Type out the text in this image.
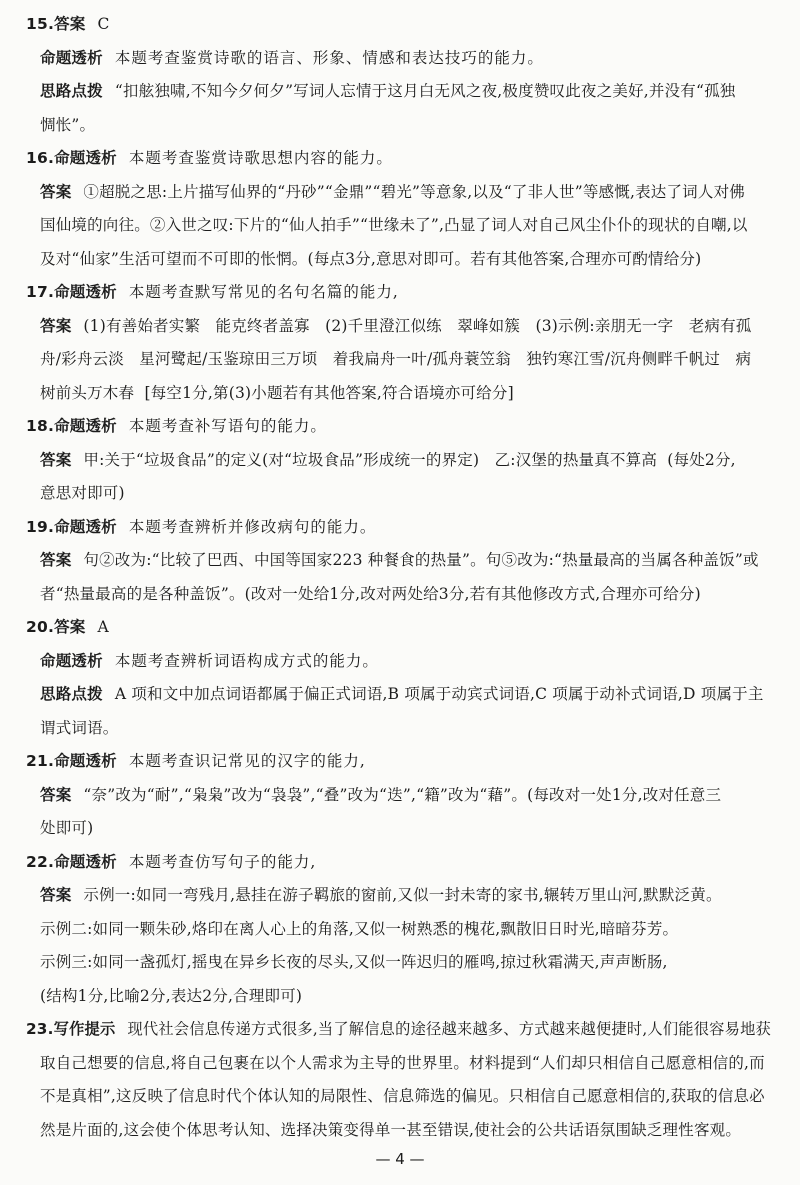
15.答案 C
命题透析 本题考查鉴赏诗歌的语言、形象、情感和表达技巧的能力。
思路点拨 “扣舷独啸,不知今夕何夕”写词人忘情于这月白无风之夜,极度赞叹此夜之美好,并没有“孤独
惆怅”。
16.命题透析 本题考查鉴赏诗歌思想内容的能力。
答案 ①超脱之思:上片描写仙界的“丹砂”“金鼎”“碧光”等意象,以及“了非人世”等感慨,表达了词人对佛
国仙境的向往。②入世之叹:下片的“仙人拍手”“世缘未了”,凸显了词人对自己风尘仆仆的现状的自嘲,以
及对“仙家”生活可望而不可即的怅惘。(每点3分,意思对即可。若有其他答案,合理亦可酌情给分)
17.命题透析 本题考查默写常见的名句名篇的能力,
答案 (1)有善始者实繁   能克终者盖寡   (2)千里澄江似练   翠峰如簇   (3)示例:亲朋无一字   老病有孤
舟/彩舟云淡   星河鹭起/玉鉴琼田三万顷   着我扁舟一叶/孤舟蓑笠翁   独钓寒江雪/沉舟侧畔千帆过   病
树前头万木春  [每空1分,第(3)小题若有其他答案,符合语境亦可给分]
18.命题透析 本题考查补写语句的能力。
答案 甲:关于“垃圾食品”的定义(对“垃圾食品”形成统一的界定)   乙:汉堡的热量真不算高  (每处2分,
意思对即可)
19.命题透析 本题考查辨析并修改病句的能力。
答案 句②改为:“比较了巴西、中国等国家223 种餐食的热量”。句⑤改为:“热量最高的当属各种盖饭”或
者“热量最高的是各种盖饭”。(改对一处给1分,改对两处给3分,若有其他修改方式,合理亦可给分)
20.答案 A
命题透析 本题考查辨析词语构成方式的能力。
思路点拨 A 项和文中加点词语都属于偏正式词语,B 项属于动宾式词语,C 项属于动补式词语,D 项属于主
谓式词语。
21.命题透析 本题考查识记常见的汉字的能力,
答案 “奈”改为“耐”,“枭枭”改为“袅袅”,“叠”改为“迭”,“籍”改为“藉”。(每改对一处1分,改对任意三
处即可)
22.命题透析 本题考查仿写句子的能力,
答案 示例一:如同一弯残月,悬挂在游子羁旅的窗前,又似一封未寄的家书,辗转万里山河,默默泛黄。
示例二:如同一颗朱砂,烙印在离人心上的角落,又似一树熟悉的槐花,飘散旧日时光,暗暗芬芳。
示例三:如同一盏孤灯,摇曳在异乡长夜的尽头,又似一阵迟归的雁鸣,掠过秋霜满天,声声断肠,
(结构1分,比喻2分,表达2分,合理即可)
23.写作提示 现代社会信息传递方式很多,当了解信息的途径越来越多、方式越来越便捷时,人们能很容易地获
取自己想要的信息,将自己包裹在以个人需求为主导的世界里。材料提到“人们却只相信自己愿意相信的,而
不是真相”,这反映了信息时代个体认知的局限性、信息筛选的偏见。只相信自己愿意相信的,获取的信息必
然是片面的,这会使个体思考认知、选择决策变得单一甚至错误,使社会的公共话语氛围缺乏理性客观。
— 4 —
